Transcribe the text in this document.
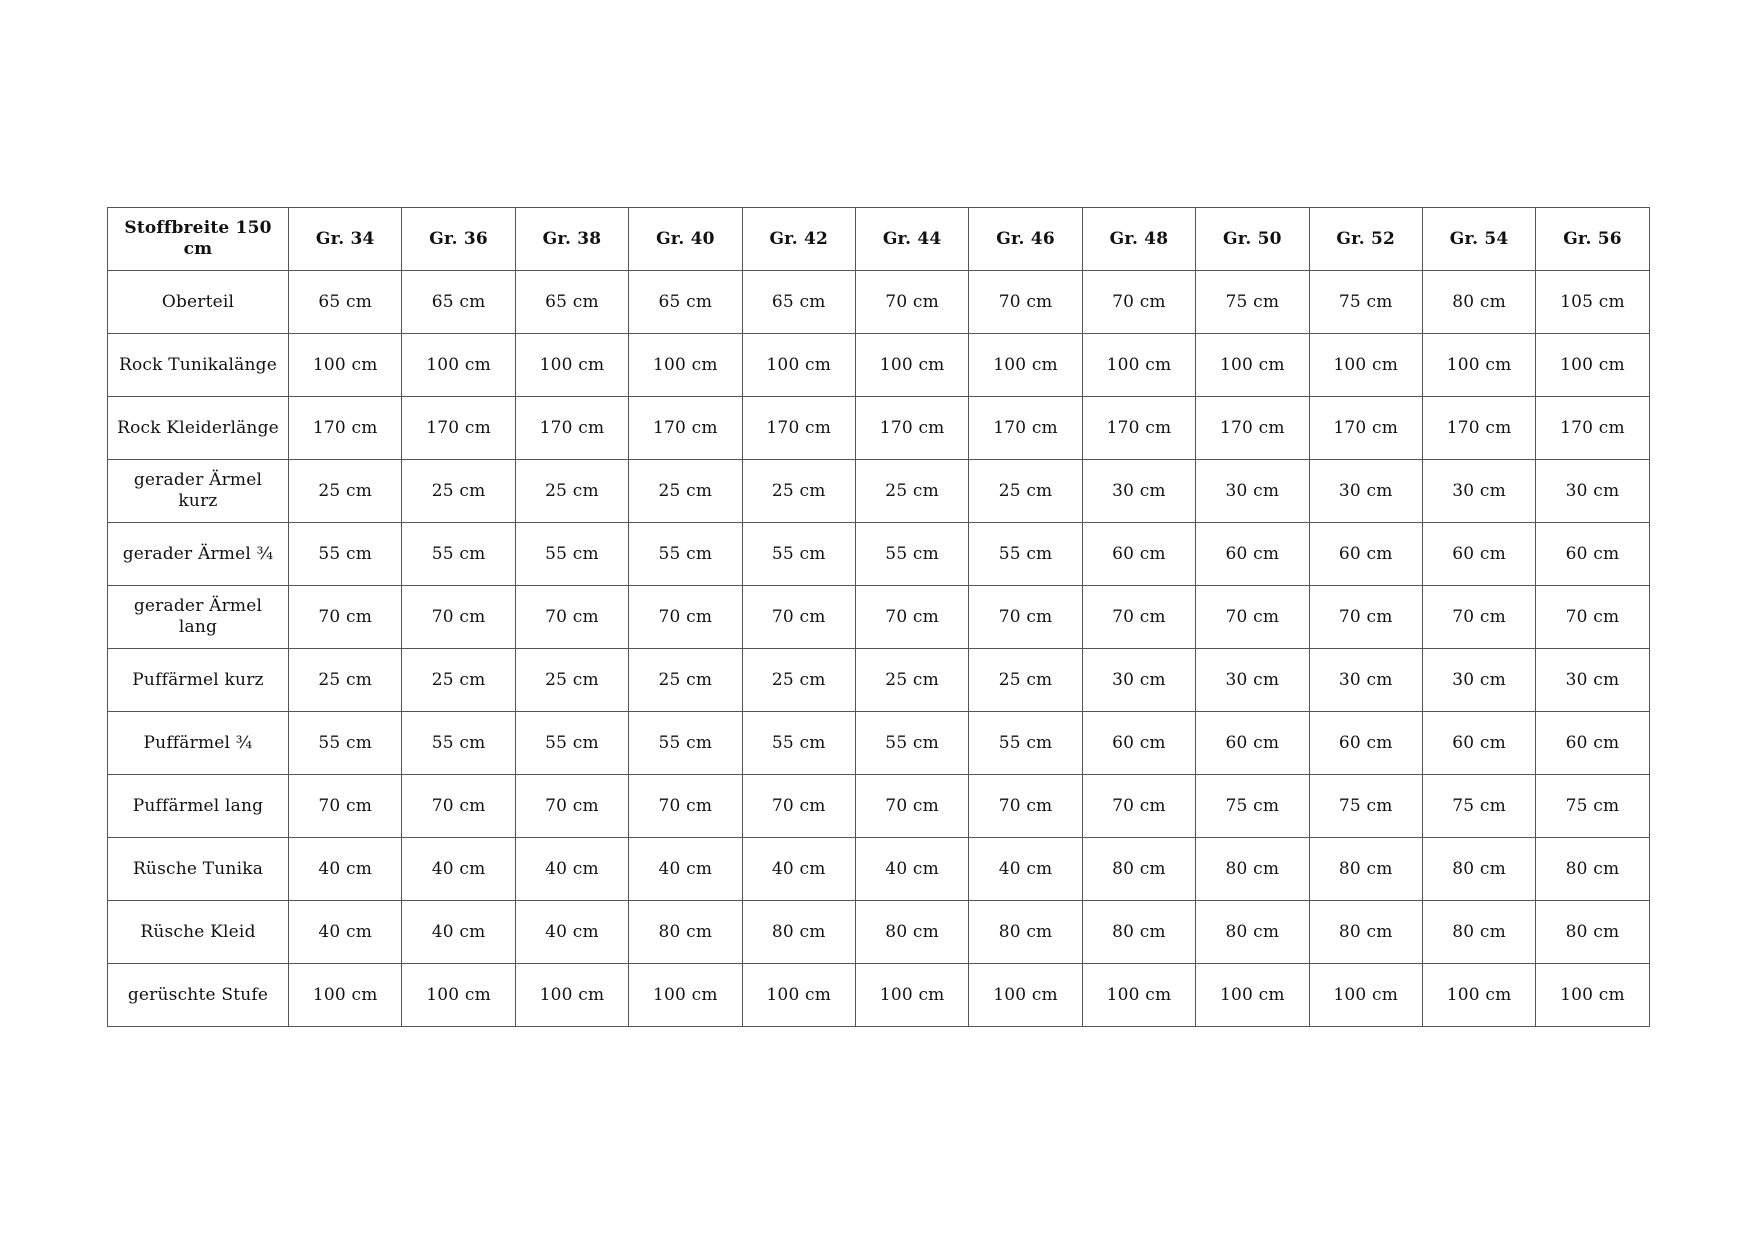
Stoffbreite 150 cm	Gr. 34	Gr. 36	Gr. 38	Gr. 40	Gr. 42	Gr. 44	Gr. 46	Gr. 48	Gr. 50	Gr. 52	Gr. 54	Gr. 56
Oberteil	65 cm	65 cm	65 cm	65 cm	65 cm	70 cm	70 cm	70 cm	75 cm	75 cm	80 cm	105 cm
Rock Tunikalänge	100 cm	100 cm	100 cm	100 cm	100 cm	100 cm	100 cm	100 cm	100 cm	100 cm	100 cm	100 cm
Rock Kleiderlänge	170 cm	170 cm	170 cm	170 cm	170 cm	170 cm	170 cm	170 cm	170 cm	170 cm	170 cm	170 cm
gerader Ärmel kurz	25 cm	25 cm	25 cm	25 cm	25 cm	25 cm	25 cm	30 cm	30 cm	30 cm	30 cm	30 cm
gerader Ärmel ¾	55 cm	55 cm	55 cm	55 cm	55 cm	55 cm	55 cm	60 cm	60 cm	60 cm	60 cm	60 cm
gerader Ärmel lang	70 cm	70 cm	70 cm	70 cm	70 cm	70 cm	70 cm	70 cm	70 cm	70 cm	70 cm	70 cm
Puffärmel kurz	25 cm	25 cm	25 cm	25 cm	25 cm	25 cm	25 cm	30 cm	30 cm	30 cm	30 cm	30 cm
Puffärmel ¾	55 cm	55 cm	55 cm	55 cm	55 cm	55 cm	55 cm	60 cm	60 cm	60 cm	60 cm	60 cm
Puffärmel lang	70 cm	70 cm	70 cm	70 cm	70 cm	70 cm	70 cm	70 cm	75 cm	75 cm	75 cm	75 cm
Rüsche Tunika	40 cm	40 cm	40 cm	40 cm	40 cm	40 cm	40 cm	80 cm	80 cm	80 cm	80 cm	80 cm
Rüsche Kleid	40 cm	40 cm	40 cm	80 cm	80 cm	80 cm	80 cm	80 cm	80 cm	80 cm	80 cm	80 cm
gerüschte Stufe	100 cm	100 cm	100 cm	100 cm	100 cm	100 cm	100 cm	100 cm	100 cm	100 cm	100 cm	100 cm
